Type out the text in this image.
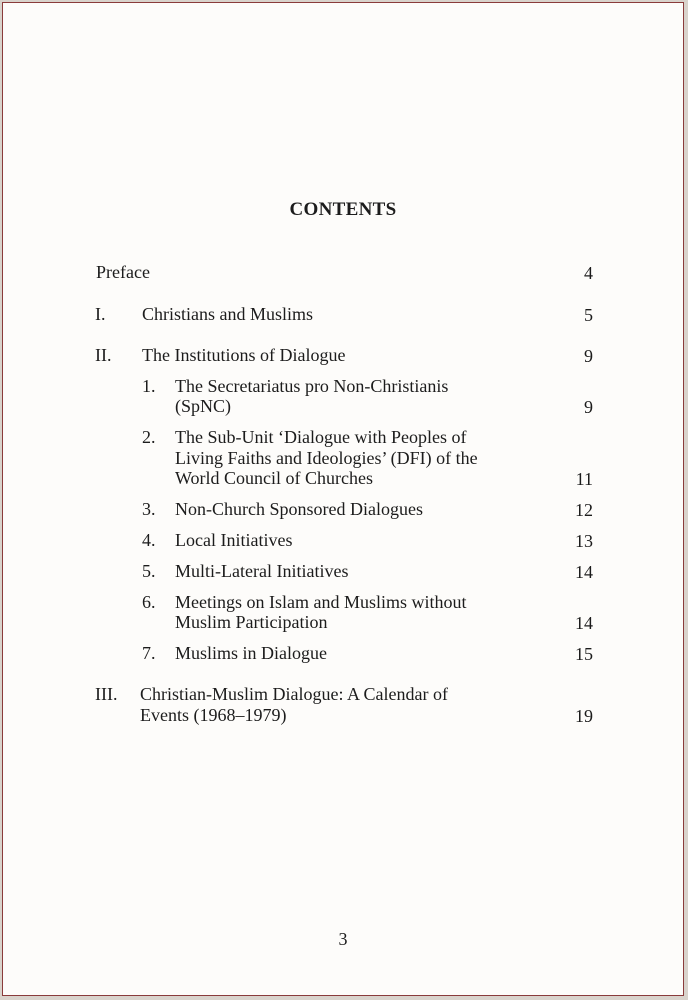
CONTENTS
Preface	4
I. Christians and Muslims	5
II. The Institutions of Dialogue	9
1. The Secretariatus pro Non-Christianis
(SpNC)	9
2. The Sub-Unit ‘Dialogue with Peoples of
Living Faiths and Ideologies’ (DFI) of the
World Council of Churches	11
3. Non-Church Sponsored Dialogues	12
4. Local Initiatives	13
5. Multi-Lateral Initiatives	14
6. Meetings on Islam and Muslims without
Muslim Participation	14
7. Muslims in Dialogue	15
III. Christian-Muslim Dialogue: A Calendar of
Events (1968–1979)	19
3
